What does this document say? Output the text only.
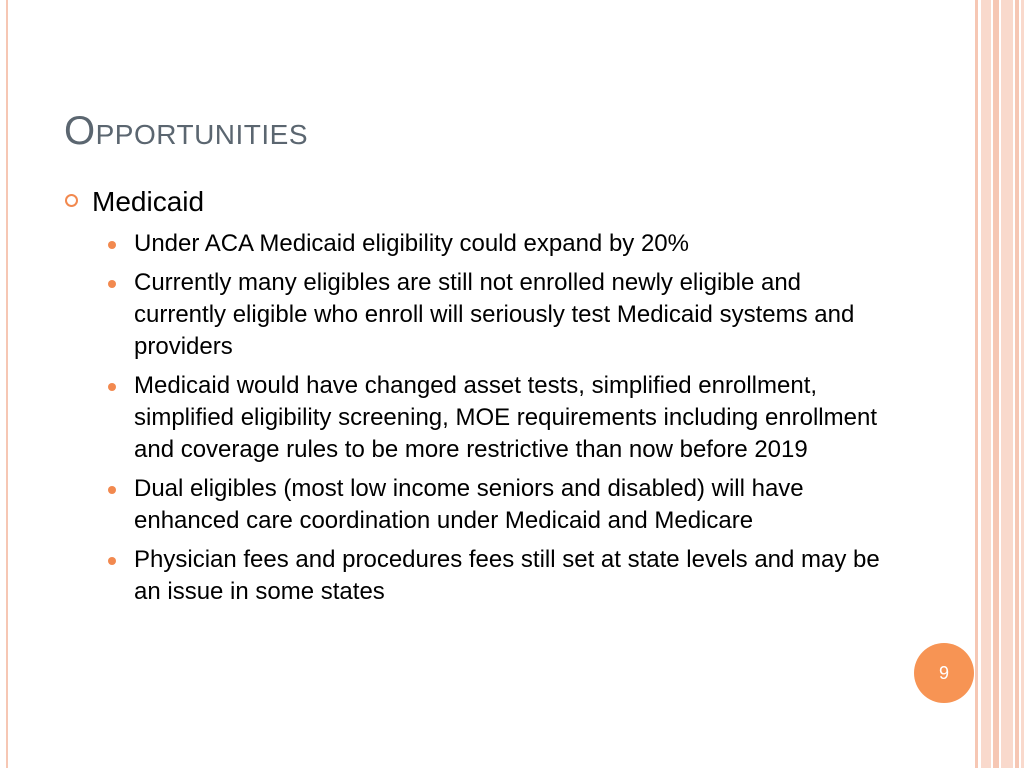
Opportunities
Medicaid
Under ACA Medicaid eligibility could expand by 20%
Currently many eligibles are still not enrolled newly eligible and currently eligible who enroll will seriously test Medicaid systems and providers
Medicaid would have changed asset tests, simplified enrollment, simplified eligibility screening, MOE requirements including enrollment and coverage rules to be more restrictive than now before 2019
Dual eligibles (most low income seniors and disabled) will have enhanced care coordination under Medicaid and Medicare
Physician fees and procedures fees still set at state levels and may be an issue in some states
9
